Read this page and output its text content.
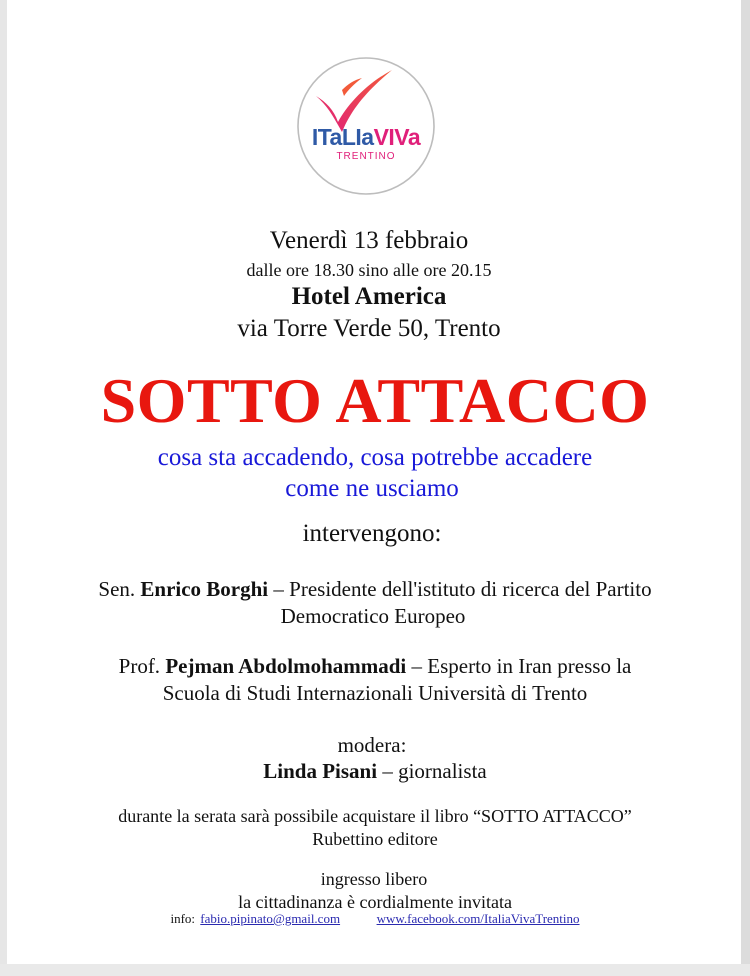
ITaLIaVIVa
TRENTINO
Venerdì 13 febbraio
dalle ore 18.30 sino alle ore 20.15
Hotel America
via Torre Verde 50, Trento
SOTTO ATTACCO
cosa sta accadendo, cosa potrebbe accadere
come ne usciamo
intervengono:
Sen. Enrico Borghi – Presidente dell'istituto di ricerca del Partito
Democratico Europeo
Prof. Pejman Abdolmohammadi – Esperto in Iran presso la
Scuola di Studi Internazionali Università di Trento
modera:
Linda Pisani – giornalista
durante la serata sarà possibile acquistare il libro “SOTTO ATTACCO”
Rubettino editore
ingresso libero
la cittadinanza è cordialmente invitata
info: fabio.pipinato@gmail.com	www.facebook.com/ItaliaVivaTrentino
